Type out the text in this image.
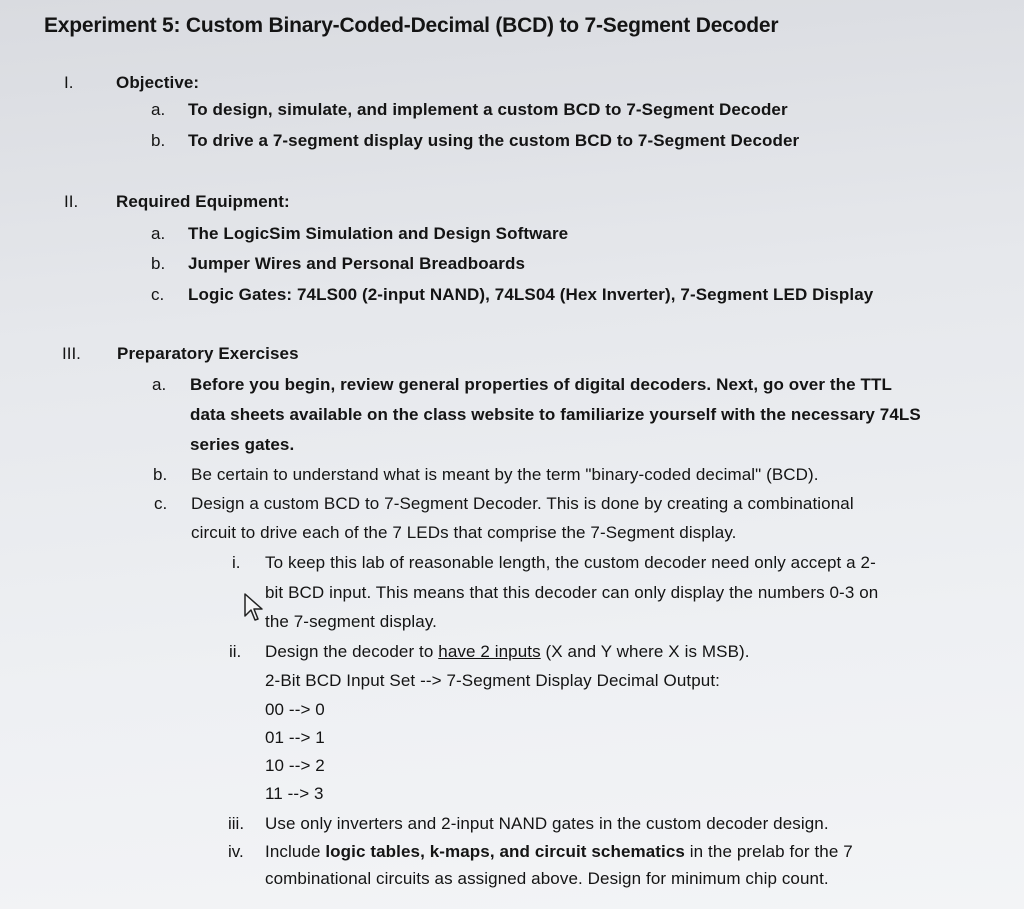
Experiment 5: Custom Binary-Coded-Decimal (BCD) to 7-Segment Decoder
I.	Objective:
a. To design, simulate, and implement a custom BCD to 7-Segment Decoder
b. To drive a 7-segment display using the custom BCD to 7-Segment Decoder
II. Required Equipment:
a. The LogicSim Simulation and Design Software
b. Jumper Wires and Personal Breadboards
c. Logic Gates: 74LS00 (2-input NAND), 74LS04 (Hex Inverter), 7-Segment LED Display
III. Preparatory Exercises
a. Before you begin, review general properties of digital decoders. Next, go over the TTL
data sheets available on the class website to familiarize yourself with the necessary 74LS
series gates.
b. Be certain to understand what is meant by the term "binary-coded decimal" (BCD).
c. Design a custom BCD to 7-Segment Decoder. This is done by creating a combinational
circuit to drive each of the 7 LEDs that comprise the 7-Segment display.
i. To keep this lab of reasonable length, the custom decoder need only accept a 2-
bit BCD input. This means that this decoder can only display the numbers 0-3 on
the 7-segment display.
ii. Design the decoder to have 2 inputs (X and Y where X is MSB).
2-Bit BCD Input Set --> 7-Segment Display Decimal Output:
00 --> 0
01 --> 1
10 --> 2
11 --> 3
iii. Use only inverters and 2-input NAND gates in the custom decoder design.
iv. Include logic tables, k-maps, and circuit schematics in the prelab for the 7
combinational circuits as assigned above. Design for minimum chip count.
